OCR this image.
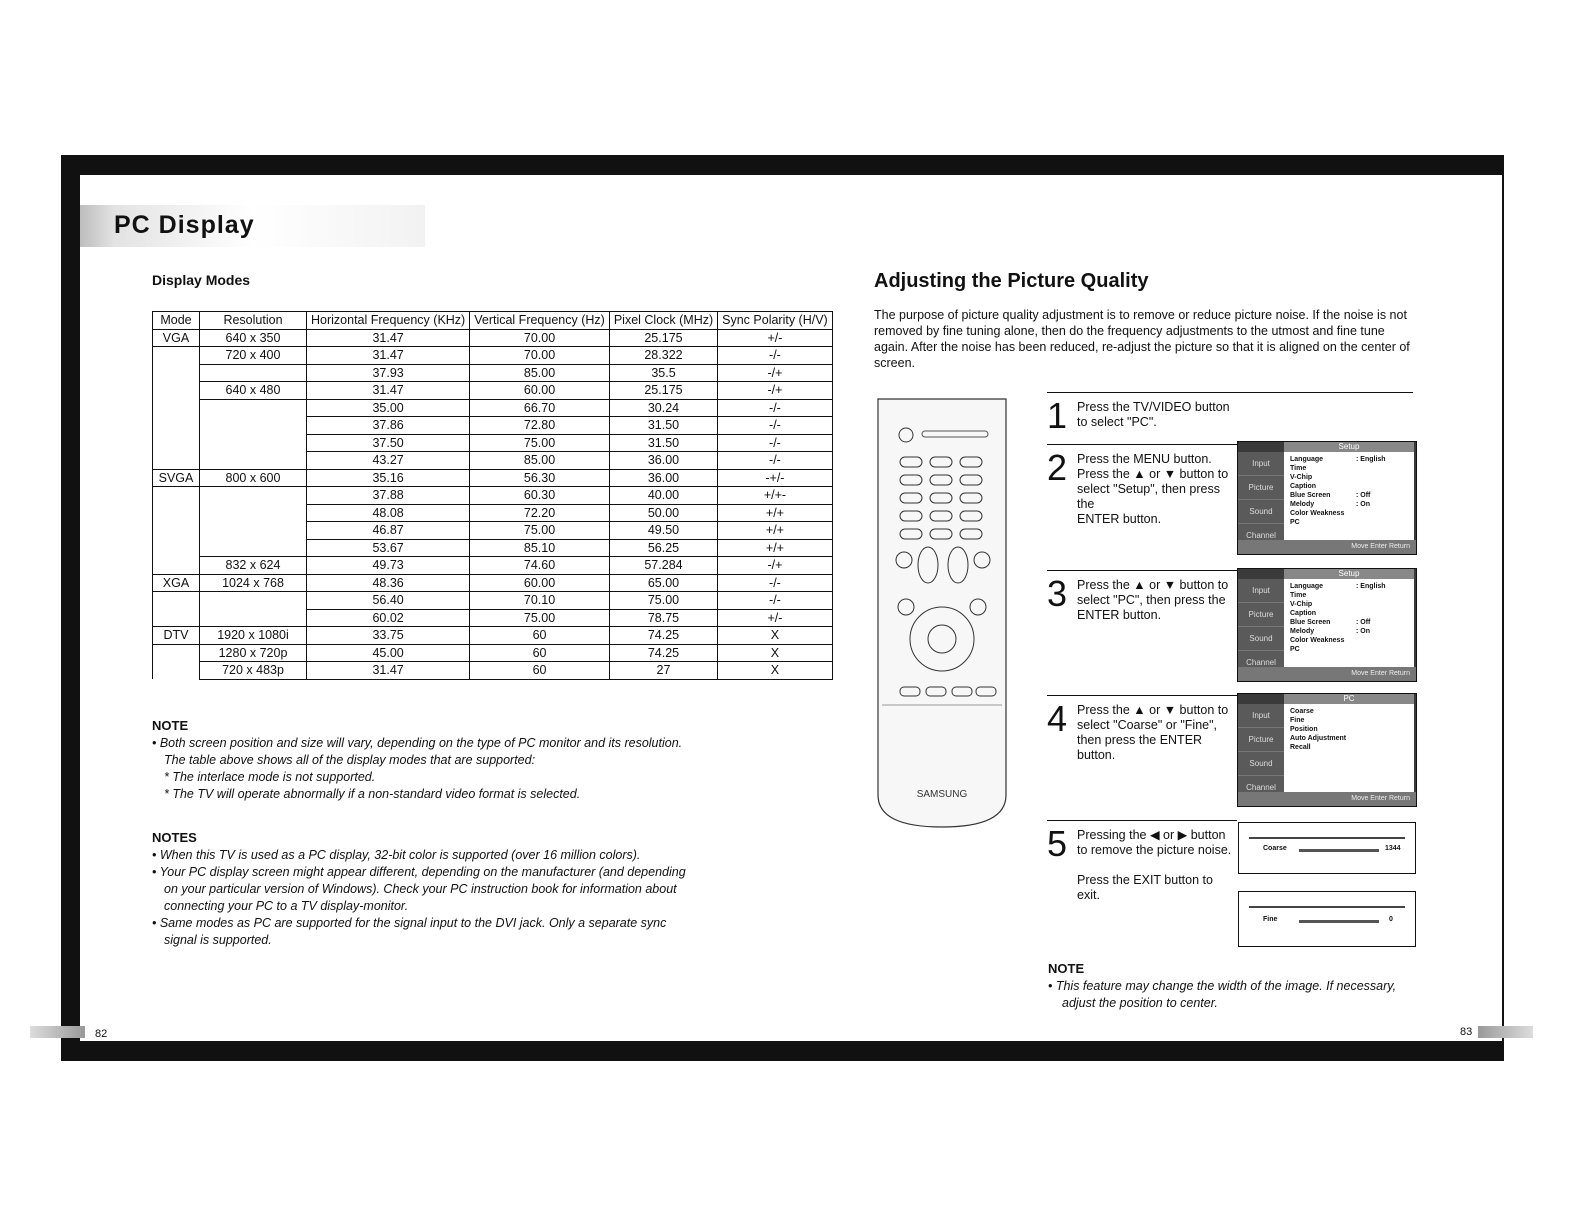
PC Display
Display Modes
Mode	Resolution	Horizontal Frequency (KHz)	Vertical Frequency (Hz)	Pixel Clock (MHz)	Sync Polarity (H/V)
VGA	640 x 350	31.47	70.00	25.175	+/-
	720 x 400	31.47	70.00	28.322	-/-
		37.93	85.00	35.5	-/+
	640 x 480	31.47	60.00	25.175	-/+
		35.00	66.70	30.24	-/-
		37.86	72.80	31.50	-/-
		37.50	75.00	31.50	-/-
		43.27	85.00	36.00	-/-
SVGA	800 x 600	35.16	56.30	36.00	-+/-
		37.88	60.30	40.00	+/+-
		48.08	72.20	50.00	+/+
		46.87	75.00	49.50	+/+
		53.67	85.10	56.25	+/+
	832 x 624	49.73	74.60	57.284	-/+
XGA	1024 x 768	48.36	60.00	65.00	-/-
		56.40	70.10	75.00	-/-
		60.02	75.00	78.75	+/-
DTV	1920 x 1080i	33.75	60	74.25	X
	1280 x 720p	45.00	60	74.25	X
	720 x 483p	31.47	60	27	X
NOTE
• Both screen position and size will vary, depending on the type of PC monitor and its resolution.
The table above shows all of the display modes that are supported:
* The interlace mode is not supported.
* The TV will operate abnormally if a non-standard video format is selected.
NOTES
• When this TV is used as a PC display, 32-bit color is supported (over 16 million colors).
• Your PC display screen might appear different, depending on the manufacturer (and depending
on your particular version of Windows). Check your PC instruction book for information about
connecting your PC to a TV display-monitor.
• Same modes as PC are supported for the signal input to the DVI jack. Only a separate sync
signal is supported.
82
Adjusting the Picture Quality
The purpose of picture quality adjustment is to remove or reduce picture noise. If the noise is not
removed by fine tuning alone, then do the frequency adjustments to the utmost and fine tune
again. After the noise has been reduced, re-adjust the picture so that it is aligned on the center of
screen.
SAMSUNG
1 Press the TV/VIDEO button to select "PC".
2 Press the MENU button.
Press the ▲ or ▼ button to
select "Setup", then press the
ENTER button.
3 Press the ▲ or ▼ button to
select "PC", then press the
ENTER button.
4 Press the ▲ or ▼ button to
select "Coarse" or "Fine",
then press the ENTER button.
5 Pressing the ◀ or ▶ button
to remove the picture noise.
Press the EXIT button to exit.
Setup
Input
Picture
Sound
Channel
Language	: English
Time
V-Chip
Caption
Blue Screen	: Off
Melody	: On
Color Weakness
PC
Move Enter Return
Setup
Input
Picture
Sound
Channel
Language	: English
Time
V-Chip
Caption
Blue Screen	: Off
Melody	: On
Color Weakness
PC
Move Enter Return
PC
Input
Picture
Sound
Channel
Coarse
Fine
Position
Auto Adjustment
Recall
Move Enter Return
Coarse	1344
Fine	0
NOTE
• This feature may change the width of the image. If necessary,
adjust the position to center.
83
